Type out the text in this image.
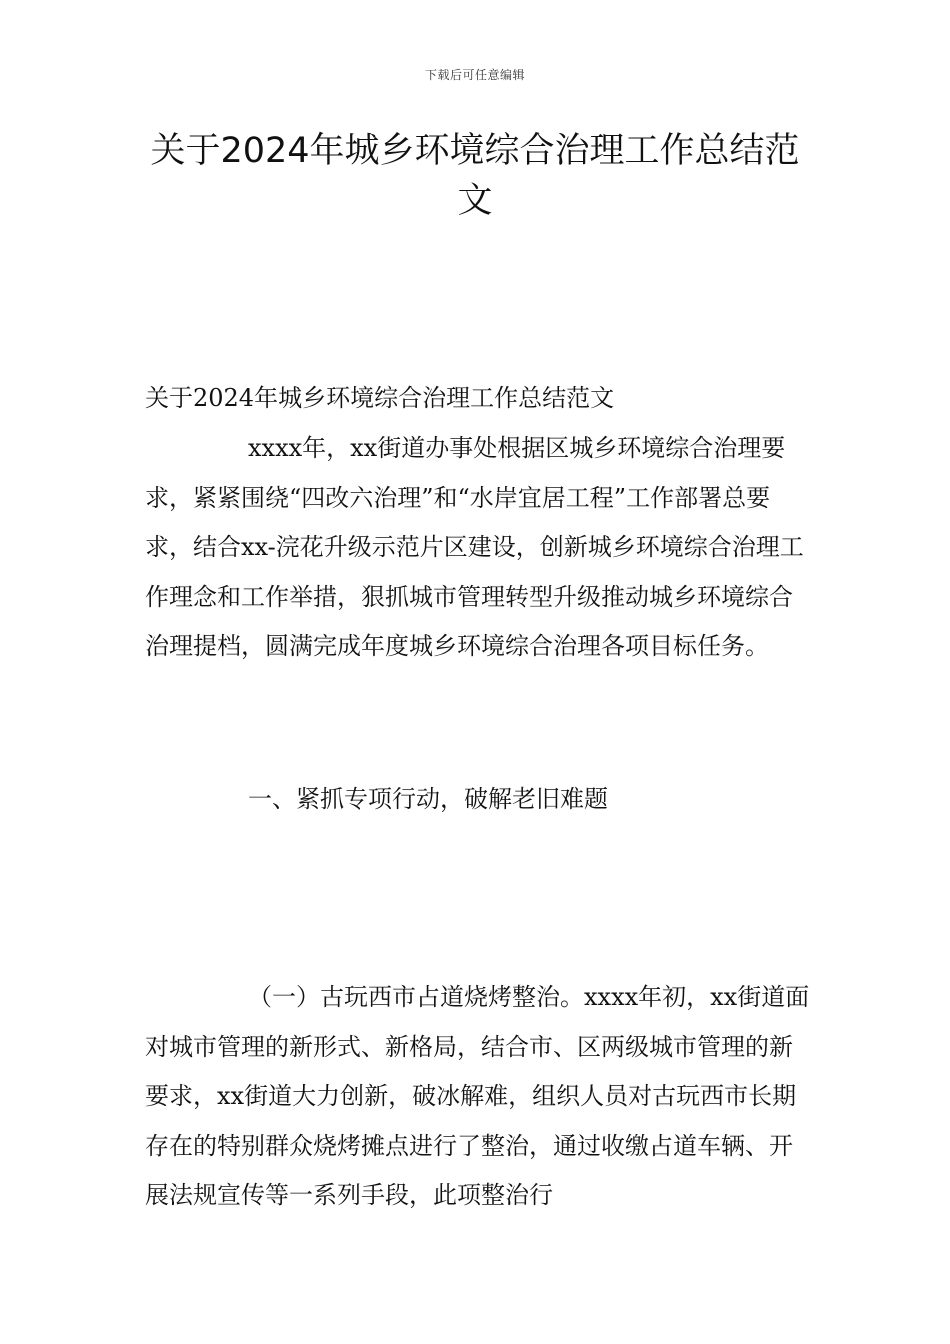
下载后可任意编辑
关于2024年城乡环境综合治理工作总结范文

关于2024年城乡环境综合治理工作总结范文

xxxx年，xx街道办事处根据区城乡环境综合治理要求，紧紧围绕“四改六治理”和“水岸宜居工程”工作部署总要求，结合xx-浣花升级示范片区建设，创新城乡环境综合治理工作理念和工作举措，狠抓城市管理转型升级推动城乡环境综合治理提档，圆满完成年度城乡环境综合治理各项目标任务。

一、紧抓专项行动，破解老旧难题

（一）古玩西市占道烧烤整治。xxxx年初，xx街道面对城市管理的新形式、新格局，结合市、区两级城市管理的新要求，xx街道大力创新，破冰解难，组织人员对古玩西市长期存在的特别群众烧烤摊点进行了整治，通过收缴占道车辆、开展法规宣传等一系列手段，此项整治行
